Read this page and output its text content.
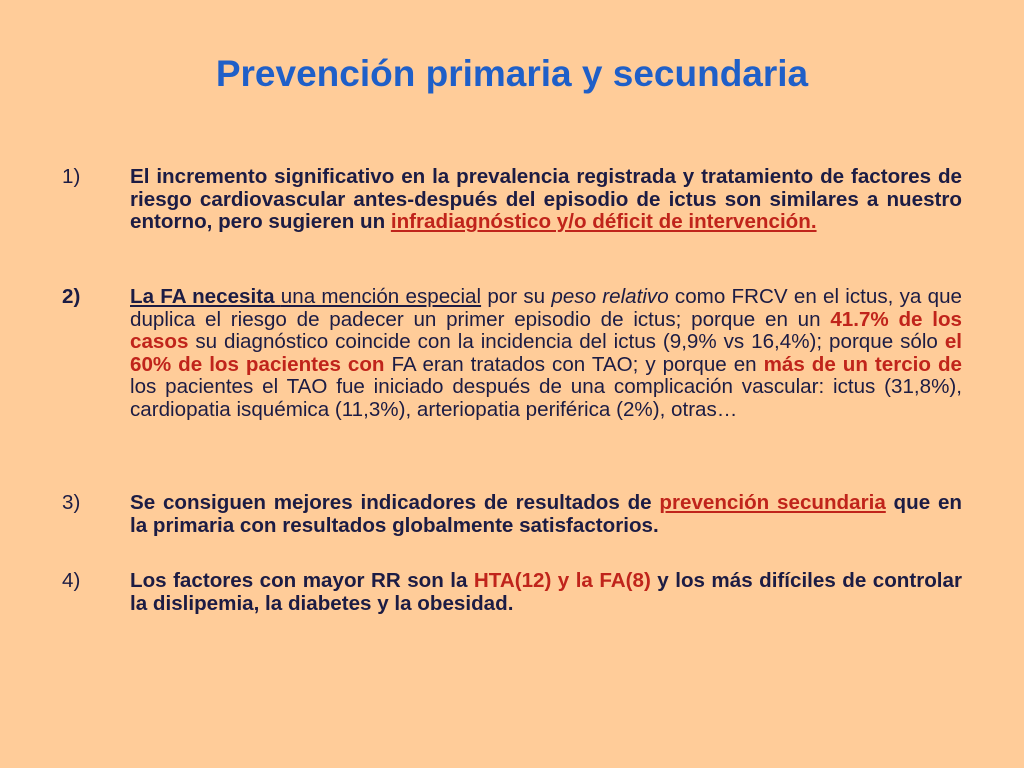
Prevención primaria y secundaria
1)	El incremento significativo en la prevalencia registrada y tratamiento de factores de riesgo cardiovascular antes-después del episodio de ictus son similares a nuestro entorno, pero sugieren un infradiagnóstico y/o déficit de intervención.
2)	La FA necesita una mención especial por su peso relativo como FRCV en el ictus, ya que duplica el riesgo de padecer un primer episodio de ictus; porque en un 41.7% de los casos su diagnóstico coincide con la incidencia del ictus (9,9% vs 16,4%); porque sólo el 60% de los pacientes con FA eran tratados con TAO; y porque en más de un tercio de los pacientes el TAO fue iniciado después de una complicación vascular: ictus (31,8%), cardiopatia isquémica (11,3%), arteriopatia periférica (2%), otras…
3)	Se consiguen mejores indicadores de resultados de prevención secundaria que en la primaria con resultados globalmente satisfactorios.
4)	Los factores con mayor RR son la HTA(12) y la FA(8) y los más difíciles de controlar la dislipemia, la diabetes y la obesidad.
